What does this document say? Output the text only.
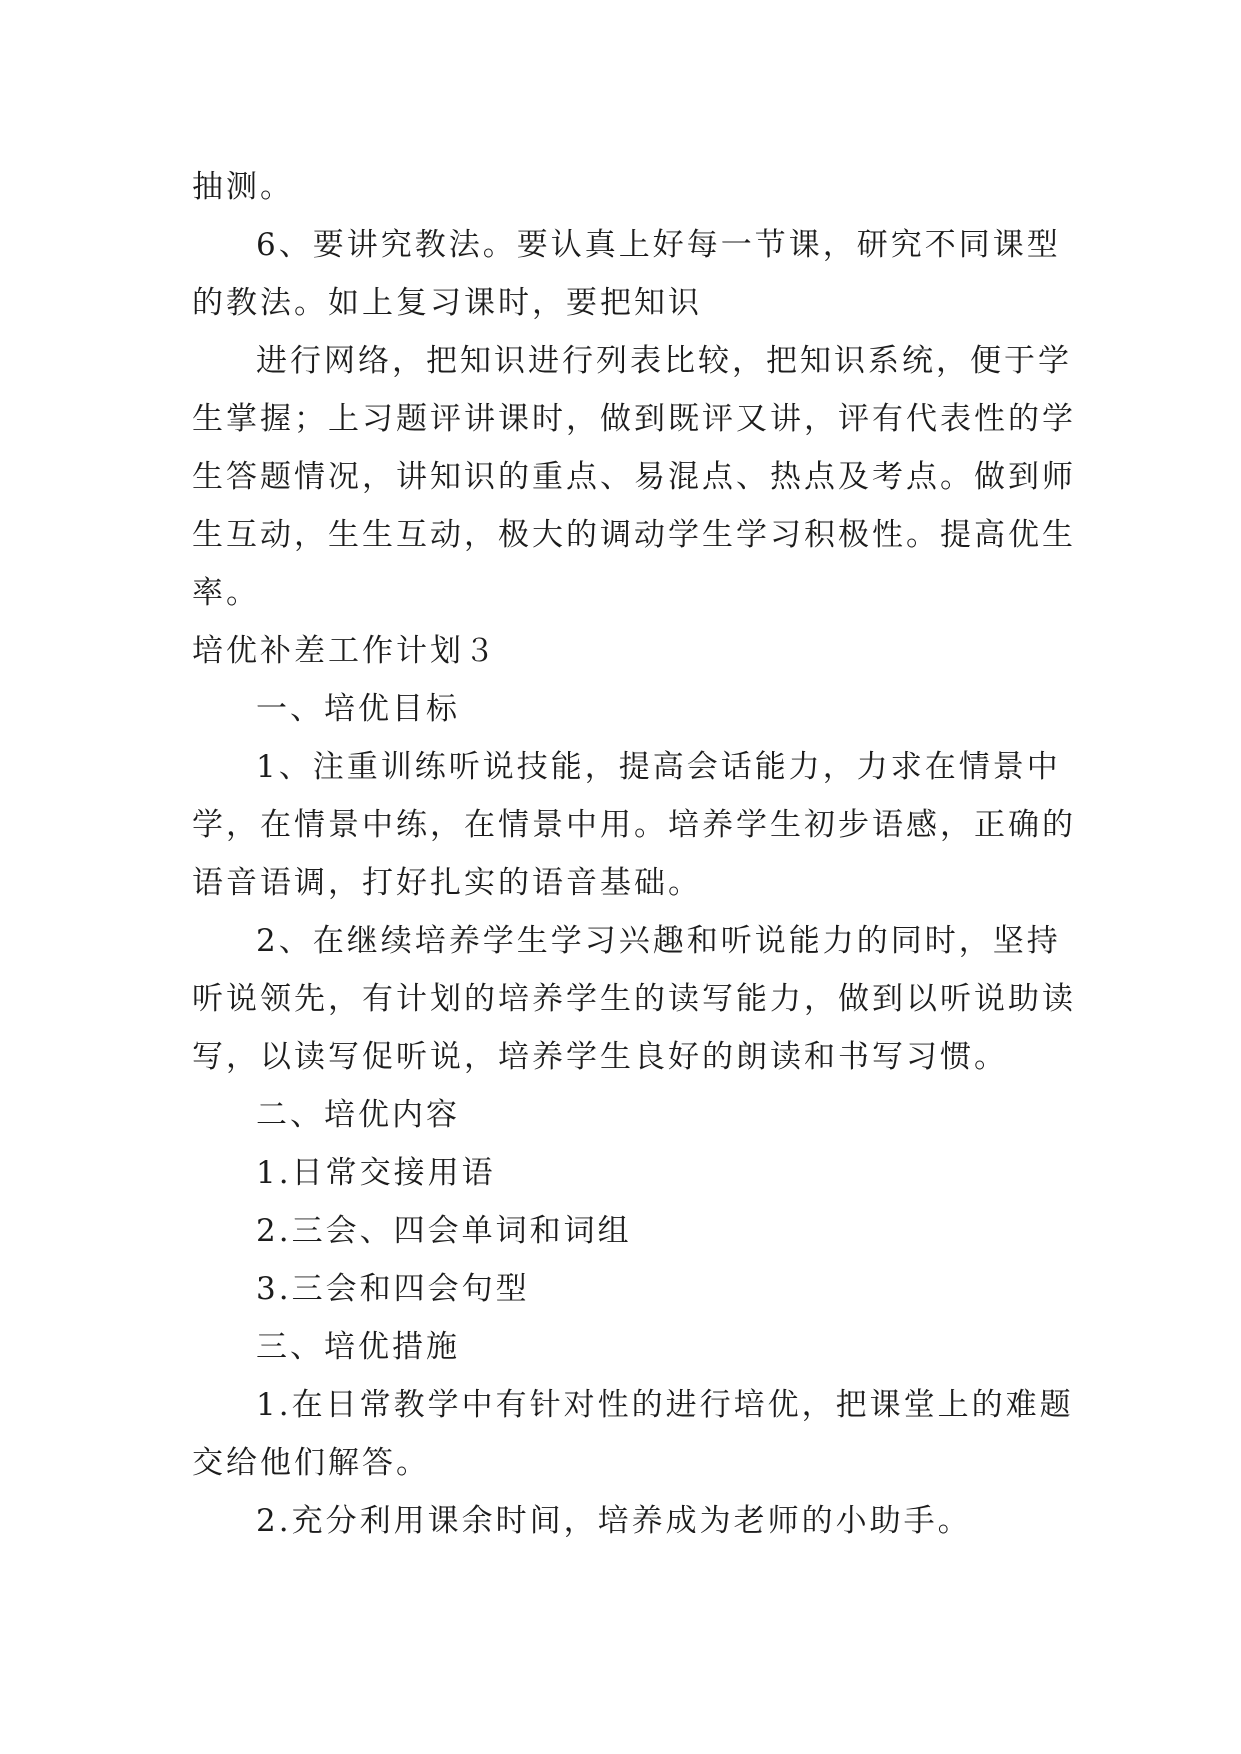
抽测。
6、要讲究教法。要认真上好每一节课，研究不同课型
的教法。如上复习课时，要把知识
进行网络，把知识进行列表比较，把知识系统，便于学
生掌握；上习题评讲课时，做到既评又讲，评有代表性的学
生答题情况，讲知识的重点、易混点、热点及考点。做到师
生互动，生生互动，极大的调动学生学习积极性。提高优生
率。
培优补差工作计划３
一、培优目标
1、注重训练听说技能，提高会话能力，力求在情景中
学，在情景中练，在情景中用。培养学生初步语感，正确的
语音语调，打好扎实的语音基础。
2、在继续培养学生学习兴趣和听说能力的同时，坚持
听说领先，有计划的培养学生的读写能力，做到以听说助读
写，以读写促听说，培养学生良好的朗读和书写习惯。
二、培优内容
1.日常交接用语
2.三会、四会单词和词组
3.三会和四会句型
三、培优措施
1.在日常教学中有针对性的进行培优，把课堂上的难题
交给他们解答。
2.充分利用课余时间，培养成为老师的小助手。
